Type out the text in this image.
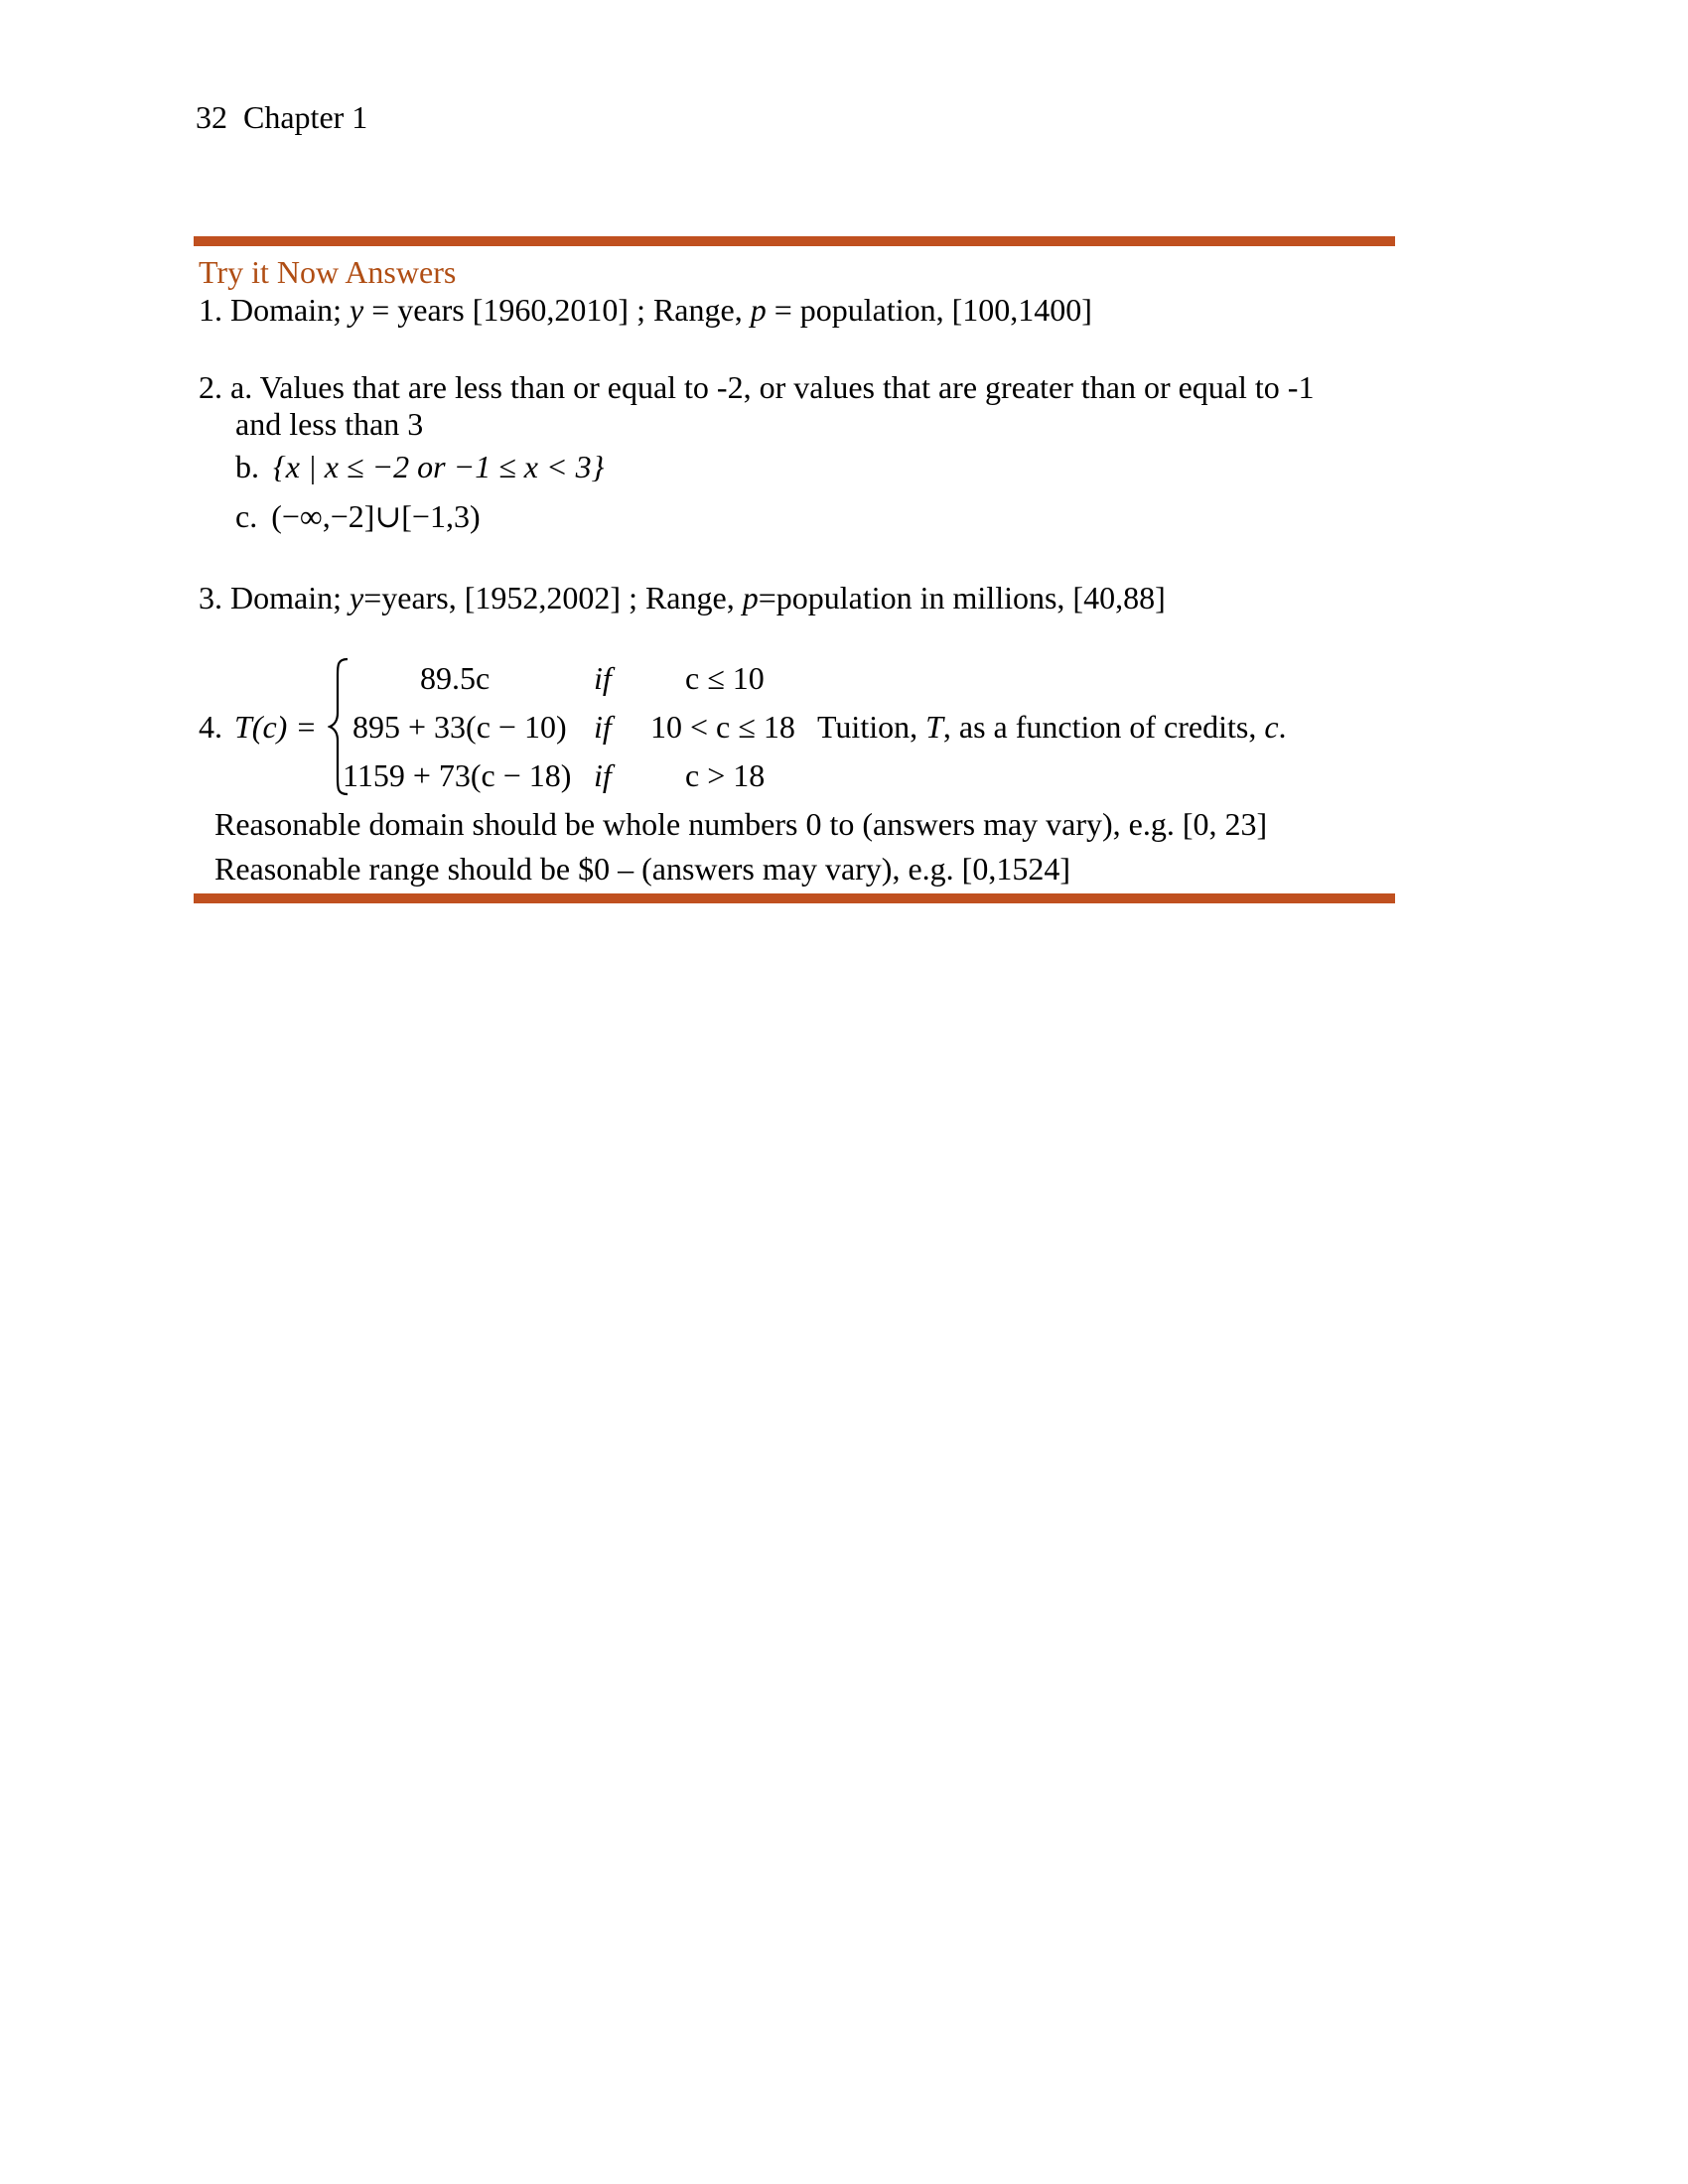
32 Chapter 1
Try it Now Answers
1. Domain; y = years [1960,2010] ; Range, p = population, [100,1400]
2. a. Values that are less than or equal to -2, or values that are greater than or equal to -1
and less than 3
b. {x | x ≤ −2 or −1 ≤ x < 3}
c. (−∞,−2]∪[−1,3)
3. Domain; y=years, [1952,2002] ; Range, p=population in millions, [40,88]
4. T(c) =
89.5c	if c ≤ 10
895 + 33(c − 10) if 10 < c ≤ 18
1159 + 73(c − 18) if c > 18
Tuition, T, as a function of credits, c.
Reasonable domain should be whole numbers 0 to (answers may vary), e.g. [0, 23]
Reasonable range should be $0 – (answers may vary), e.g. [0,1524]
